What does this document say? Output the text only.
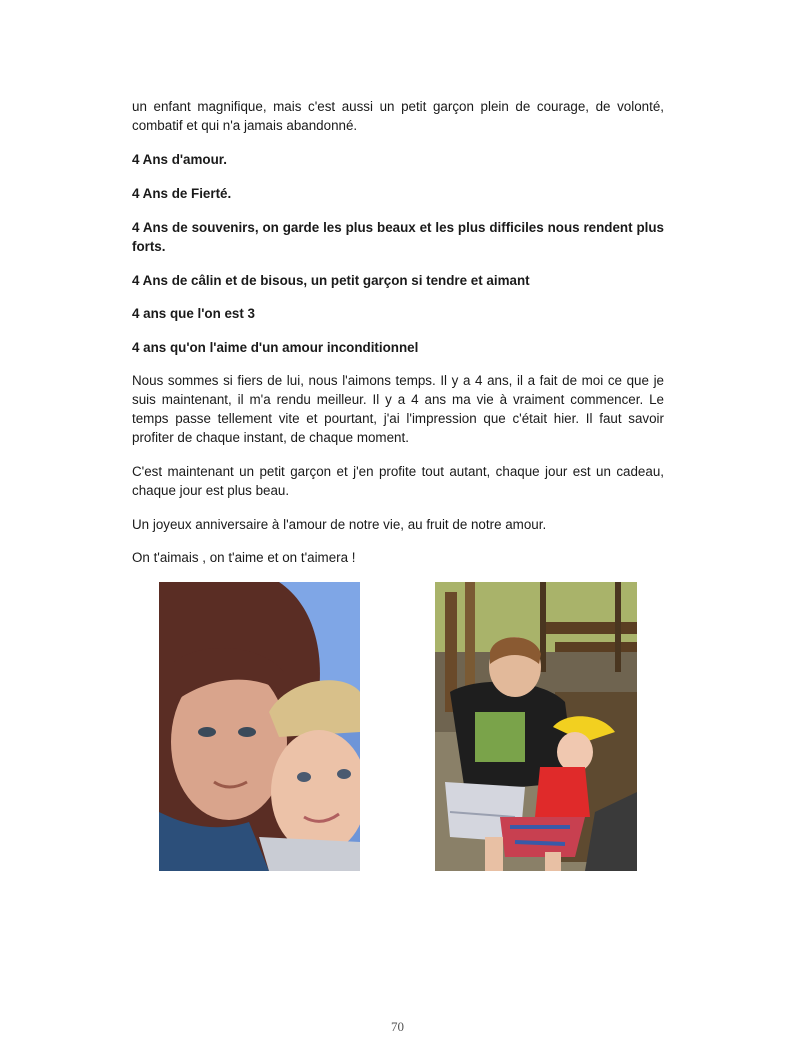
un enfant magnifique, mais c'est aussi un petit garçon plein de courage, de volonté, combatif et qui n'a jamais abandonné.

4 Ans d'amour.

4 Ans de Fierté.

4 Ans de souvenirs, on garde les plus beaux et les plus difficiles nous rendent plus forts.

4 Ans de câlin et de bisous, un petit garçon si tendre et aimant

4 ans que l'on est 3

4 ans qu'on l'aime d'un amour inconditionnel

Nous sommes si fiers de lui, nous l'aimons temps. Il y a 4 ans, il a fait de moi ce que je suis maintenant, il m'a rendu meilleur. Il y a 4 ans ma vie à vraiment commencer. Le temps passe tellement vite et pourtant, j'ai l'impression que c'était hier. Il faut savoir profiter de chaque instant, de chaque moment.

C'est maintenant un petit garçon et j'en profite tout autant, chaque jour est un cadeau, chaque jour est plus beau.

Un joyeux anniversaire à l'amour de notre vie, au fruit de notre amour.

On t'aimais , on t'aime et on t'aimera !

70
